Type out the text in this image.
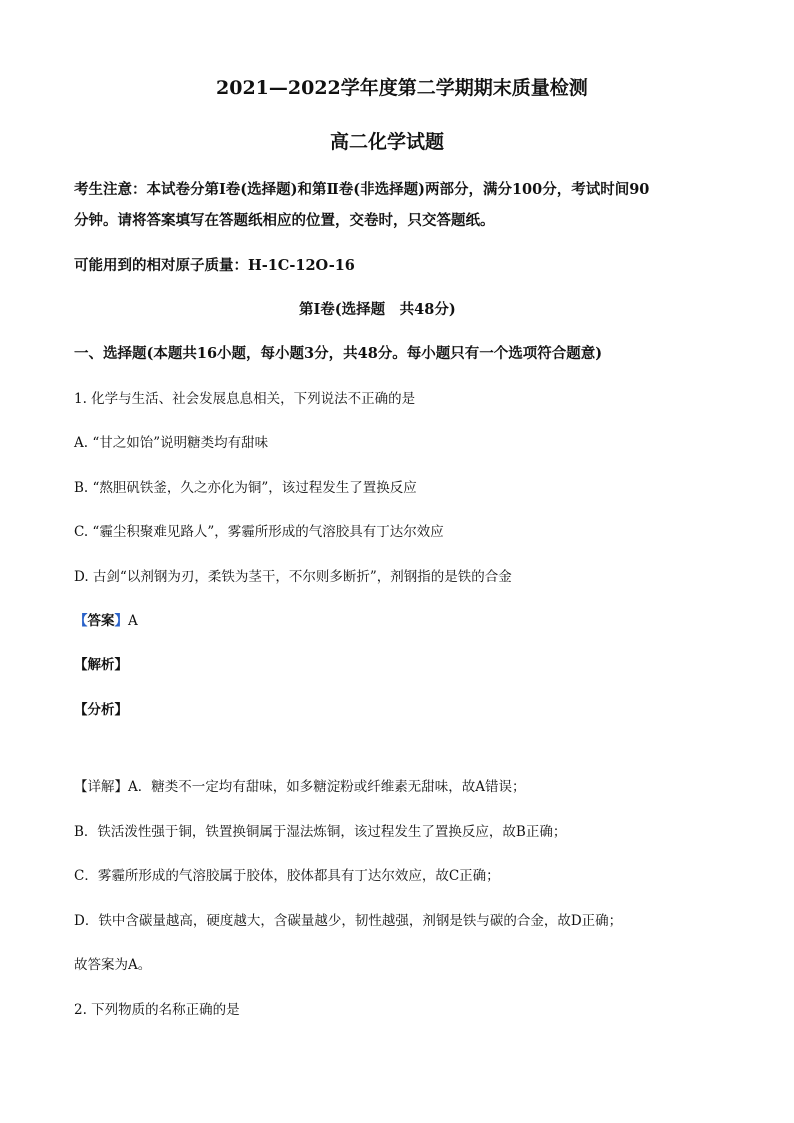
2021—2022学年度第二学期期末质量检测
高二化学试题
考生注意：本试卷分第Ⅰ卷(选择题)和第Ⅱ卷(非选择题)两部分，满分100分，考试时间90
分钟。请将答案填写在答题纸相应的位置，交卷时，只交答题纸。
可能用到的相对原子质量：H-1C-12O-16
第Ⅰ卷(选择题　共48分)
一、选择题(本题共16小题，每小题3分，共48分。每小题只有一个选项符合题意)
1. 化学与生活、社会发展息息相关，下列说法不正确的是
A. “甘之如饴”说明糖类均有甜味
B. “熬胆矾铁釜，久之亦化为铜”，该过程发生了置换反应
C. “霾尘积聚难见路人”，雾霾所形成的气溶胶具有丁达尔效应
D. 古剑“以剂钢为刃，柔铁为茎干，不尔则多断折”，剂钢指的是铁的合金
【答案】A
【解析】
【分析】
【详解】A．糖类不一定均有甜味，如多糖淀粉或纤维素无甜味，故A错误；
B．铁活泼性强于铜，铁置换铜属于湿法炼铜，该过程发生了置换反应，故B正确；
C．雾霾所形成的气溶胶属于胶体，胶体都具有丁达尔效应，故C正确；
D．铁中含碳量越高，硬度越大，含碳量越少，韧性越强，剂钢是铁与碳的合金，故D正确；
故答案为A。
2. 下列物质的名称正确的是
